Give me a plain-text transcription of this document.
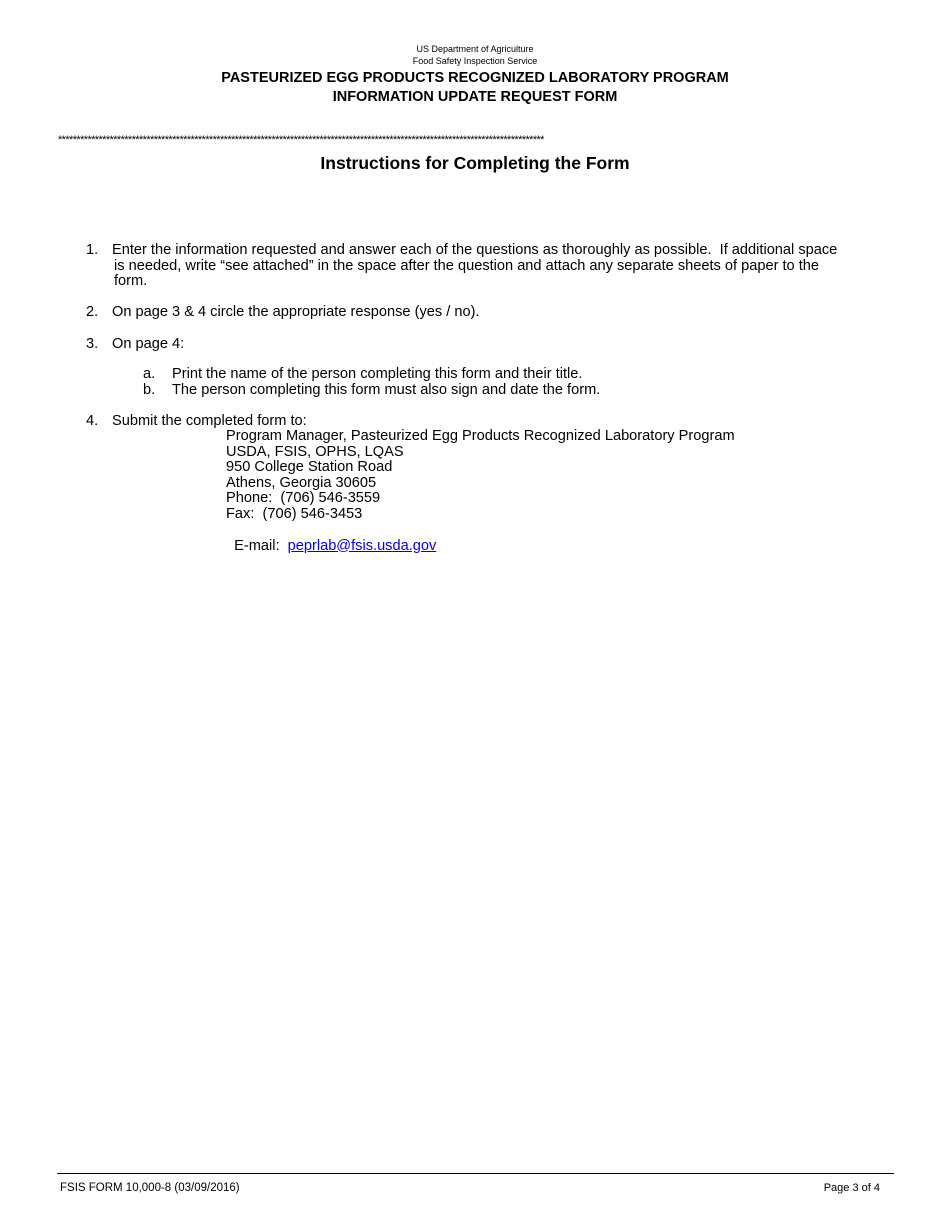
US Department of Agriculture
Food Safety Inspection Service
PASTEURIZED EGG PRODUCTS RECOGNIZED LABORATORY PROGRAM
INFORMATION UPDATE REQUEST FORM
************************************************************************************************************************************
Instructions for Completing the Form
1. Enter the information requested and answer each of the questions as thoroughly as possible.  If additional space
is needed, write “see attached” in the space after the question and attach any separate sheets of paper to the
form.
2. On page 3 & 4 circle the appropriate response (yes / no).
3. On page 4:
a. Print the name of the person completing this form and their title.
b. The person completing this form must also sign and date the form.
4. Submit the completed form to:
Program Manager, Pasteurized Egg Products Recognized Laboratory Program
USDA, FSIS, OPHS, LQAS
950 College Station Road
Athens, Georgia 30605
Phone:  (706) 546-3559
Fax:  (706) 546-3453

E-mail:  peprlab@fsis.usda.gov

FSIS FORM 10,000-8 (03/09/2016)	Page 3 of 4
